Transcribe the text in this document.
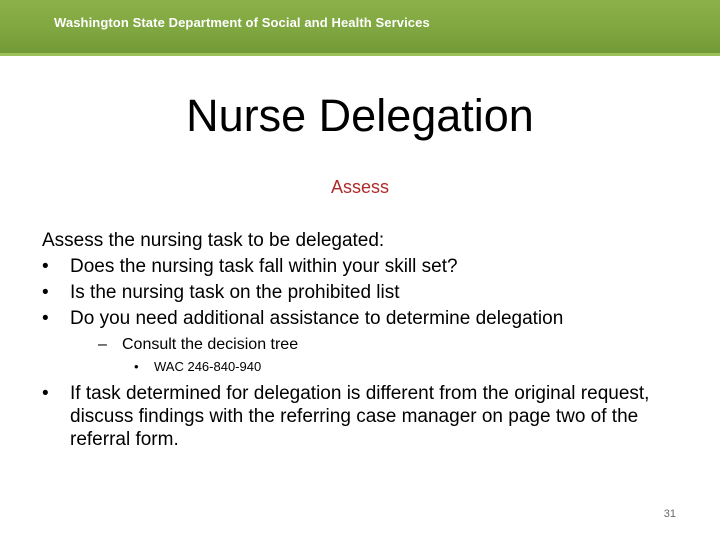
Washington State Department of Social and Health Services
Nurse Delegation
Assess
Assess the nursing task to be delegated:
•	Does the nursing task fall within your skill set?
•	Is the nursing task on the prohibited list
•	Do you need additional assistance to determine delegation
– Consult the decision tree
• WAC 246-840-940
• If task determined for delegation is different from the original request, discuss findings with the referring case manager on page two of the referral form.
31
